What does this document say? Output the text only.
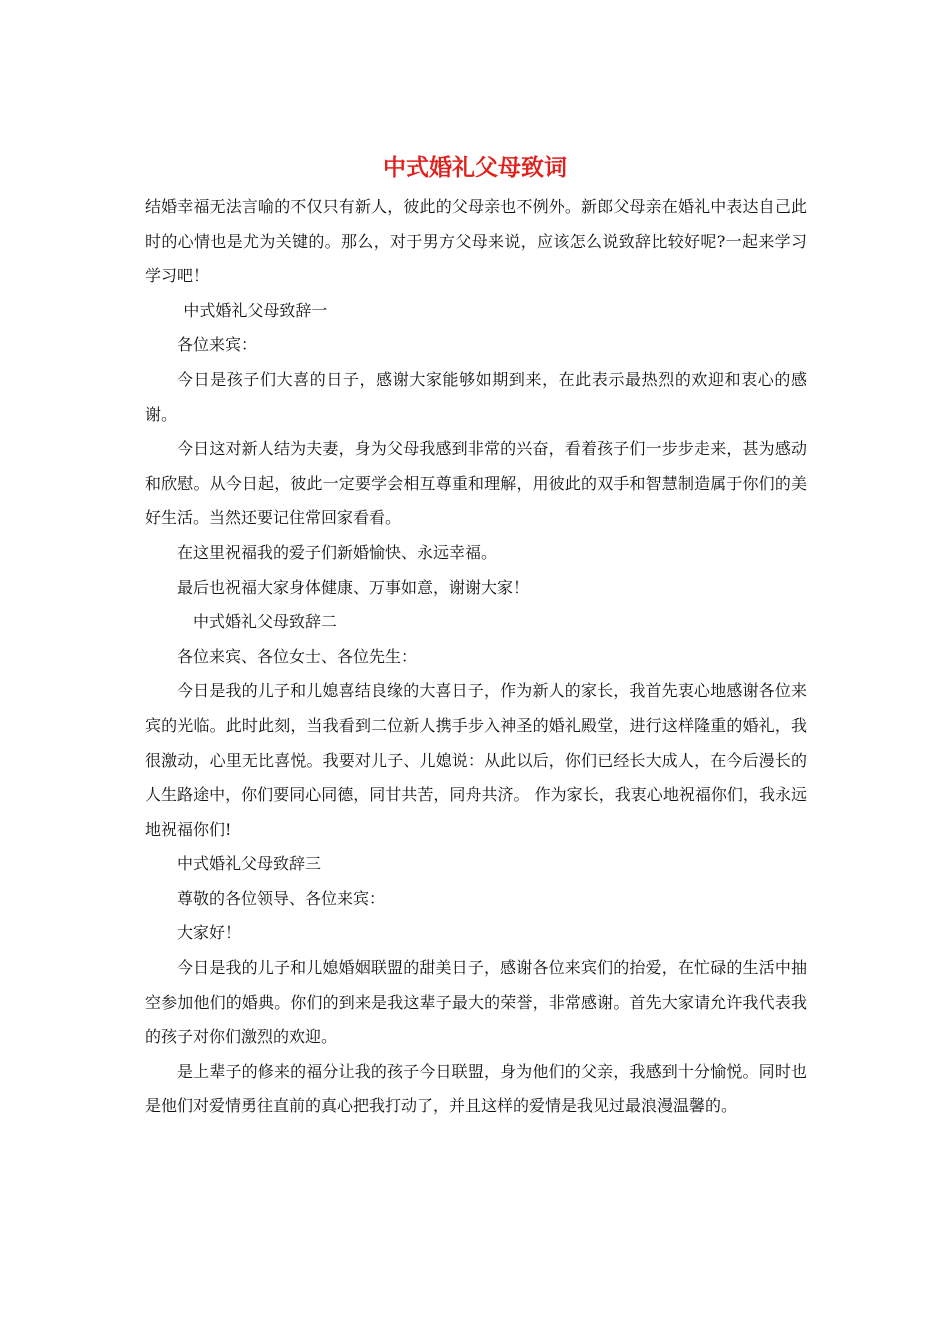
中式婚礼父母致词

结婚幸福无法言喻的不仅只有新人，彼此的父母亲也不例外。新郎父母亲在婚礼中表达自己此时的心情也是尤为关键的。那么，对于男方父母来说，应该怎么说致辞比较好呢?一起来学习学习吧！

中式婚礼父母致辞一

各位来宾：

今日是孩子们大喜的日子，感谢大家能够如期到来，在此表示最热烈的欢迎和衷心的感谢。

今日这对新人结为夫妻，身为父母我感到非常的兴奋，看着孩子们一步步走来，甚为感动和欣慰。从今日起，彼此一定要学会相互尊重和理解，用彼此的双手和智慧制造属于你们的美好生活。当然还要记住常回家看看。

在这里祝福我的爱子们新婚愉快、永远幸福。

最后也祝福大家身体健康、万事如意，谢谢大家！

中式婚礼父母致辞二

各位来宾、各位女士、各位先生：

今日是我的儿子和儿媳喜结良缘的大喜日子，作为新人的家长，我首先衷心地感谢各位来宾的光临。此时此刻，当我看到二位新人携手步入神圣的婚礼殿堂，进行这样隆重的婚礼，我很激动，心里无比喜悦。我要对儿子、儿媳说：从此以后，你们已经长大成人，在今后漫长的人生路途中，你们要同心同德，同甘共苦，同舟共济。 作为家长，我衷心地祝福你们，我永远地祝福你们!

中式婚礼父母致辞三

尊敬的各位领导、各位来宾：

大家好！

今日是我的儿子和儿媳婚姻联盟的甜美日子，感谢各位来宾们的抬爱，在忙碌的生活中抽空参加他们的婚典。你们的到来是我这辈子最大的荣誉，非常感谢。首先大家请允许我代表我的孩子对你们激烈的欢迎。

是上辈子的修来的福分让我的孩子今日联盟，身为他们的父亲，我感到十分愉悦。同时也是他们对爱情勇往直前的真心把我打动了，并且这样的爱情是我见过最浪漫温馨的。
